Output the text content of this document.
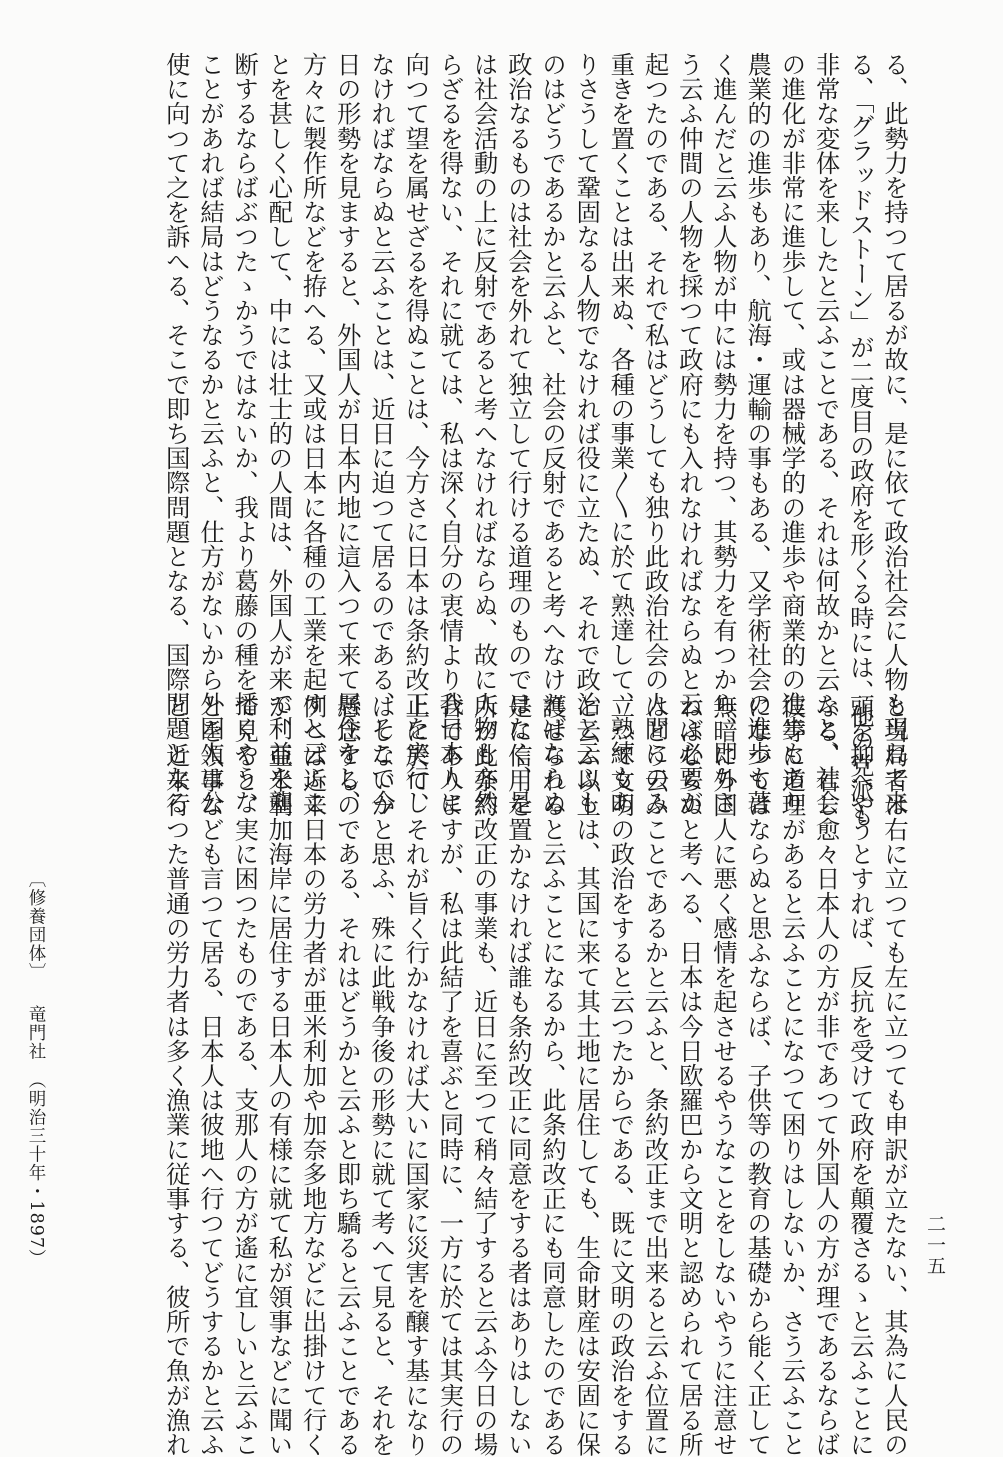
る、此勢力を持つて居るが故に、是に依て政治社会に人物も現れて来
る、「グラッドストーン」が二度目の政府を形くる時には、他の党派も
非常な変体を来したと云ふことである、それは何故かと云ふと、社会
の進化が非常に進歩して、或は器械学的の進歩や商業的の進歩もあり
農業的の進歩もあり、航海・運輸の事もある、又学術社会の進歩も著
く進んだと云ふ人物が中には勢力を持つ、其勢力を有つから、即ちさ
う云ふ仲間の人物を採つて政府にも入れなければならぬと云ふ必要が
起つたのである、それで私はどうしても独り此政治社会の人間にのみ
重きを置くことは出来ぬ、各種の事業〳〵に於て熟達して、熟練もあ
りさうして鞏固なる人物でなければ役に立たぬ、それで政治と云ふも
のはどうであるかと云ふと、社会の反射であると考へなければならぬ
政治なるものは社会を外れて独立して行ける道理のものではなく、是
は社会活動の上に反射であると考へなければならぬ、故に人物も亦然
らざるを得ない、それに就ては、私は深く自分の衷情より我日本人に
向つて望を属せざるを得ぬことは、今方さに日本は条約改正を実行し
なければならぬと云ふことは、近日に迫つて居るのである、そこで今
日の形勢を見ますると、外国人が日本内地に這入つて来て居住をし、
方々に製作所などを拵へる、又或は日本に各種の工業を起すと云ふこ
とを甚しく心配して、中には壮士的の人間は、外国人が来て利益を壟
断するならばぶつたゝかうではないか、我より葛藤の種を播くやうな
ことがあれば結局はどうなるかと云ふと、仕方がないから外国人は公
使に向つて之を訴へる、そこで即ち国際問題となる、国際問題となる
と当局者は右に立つても左に立つても申訳が立たない、其為に人民の
頭を抑へやうとすれば、反抗を受けて政府を顛覆さるゝと云ふことに
なる、若し愈々日本人の方が非であつて外国人の方が理であるならば
彼等に道理があると云ふことになつて困りはしないか、さう云ふこと
になつてはならぬと思ふならば、子供等の教育の基礎から能く正して
無暗に外国人に悪く感情を起させるやうなことをしないやうに注意せ
ねばならぬと考へる、日本は今日欧羅巴から文明と認められて居る所
はどう云ふことであるかと云ふと、条約改正まで出来ると云ふ位置に
立つて文明の政治をすると云つたからである、既に文明の政治をする
と云ふ以上は、其国に来て其土地に居住しても、生命財産は安固に保
護せられると云ふことになるから、此条約改正にも同意したのである
是に信用を置かなければ誰も条約改正に同意をする者はありはしない
所が此条約改正の事業も、近日に至つて稍々結了すると云ふ今日の場
合でありますが、私は此結了を喜ぶと同時に、一方に於ては其実行の
上に於て、それが旨く行かなければ大いに国家に災害を醸す基になり
はしないかと思ふ、殊に此戦争後の形勢に就て考へて見ると、それを
懸念するのである、それはどうかと云ふと即ち驕ると云ふことである
例へば近来日本の労力者が亜米利加や加奈多地方などに出掛けて行く
が、亜米利加海岸に居住する日本人の有様に就て私が領事などに聞い
て見ると、実に困つたものである、支那人の方が遙に宜しいと云ふこ
とを領事なども言つて居る、日本人は彼地へ行つてどうするかと云ふ
と、近来行つた普通の労力者は多く漁業に従事する、彼所で魚が漁れ
〔修養団体〕竜門社（明治三十年・1897）	二一五
